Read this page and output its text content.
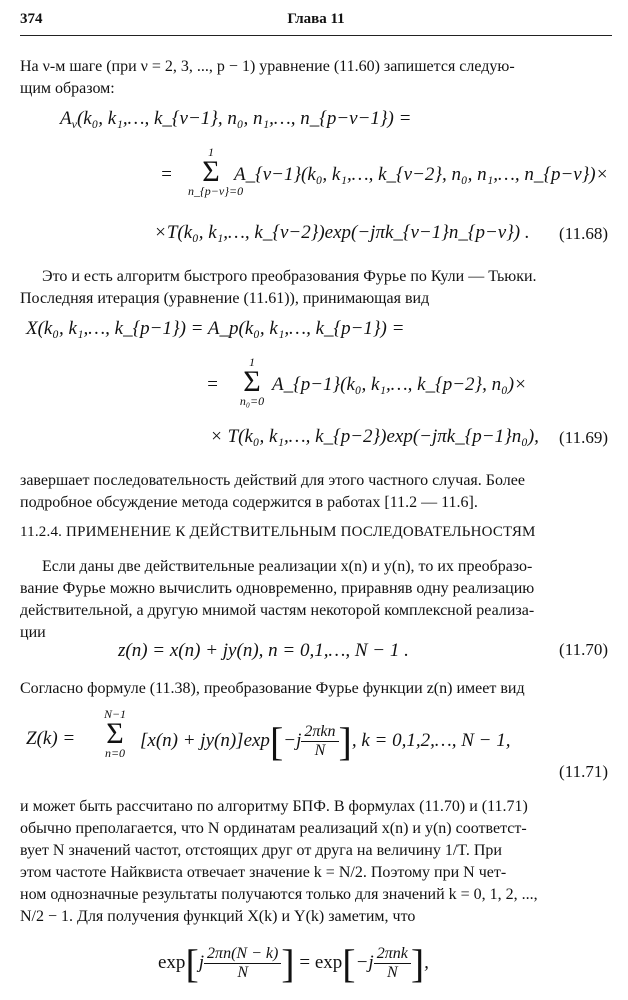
374	Глава 11
На ν-м шаге (при ν = 2, 3, ..., p − 1) уравнение (11.60) запишется следую-
щим образом:
$A_\nu(k_0$, k₁,…, k_{ν−1}, n₀, n₁,…, n_{p−ν−1}) =
=
1
Σ
n_{p−ν}=0
A_{ν−1}(k₀, k₁,…, k_{ν−2}, n₀, n₁,…, n_{p−ν})×
×T(k₀, k₁,…, k_{ν−2})exp(−jπk_{ν−1}n_{p−ν}) . (11.68)
Это и есть алгоритм быстрого преобразования Фурье по Кули — Тьюки.
Последняя итерация (уравнение (11.61)), принимающая вид
X(k₀, k₁,…, k_{p−1}) = A_p(k₀, k₁,…, k_{p−1}) =
=
1
Σ
n₀=0
A_{p−1}(k₀, k₁,…, k_{p−2}, n₀)×
× T(k₀, k₁,…, k_{p−2})exp(−jπk_{p−1}n₀), (11.69)
завершает последовательность действий для этого частного случая. Более
подробное обсуждение метода содержится в работах [11.2 — 11.6].
11.2.4. ПРИМЕНЕНИЕ К ДЕЙСТВИТЕЛЬНЫМ ПОСЛЕДОВАТЕЛЬНОСТЯМ
Если даны две действительные реализации x(n) и y(n), то их преобразо-
вание Фурье можно вычислить одновременно, приравняв одну реализацию
действительной, а другую мнимой частям некоторой комплексной реализа-
ции
z(n) = x(n) + jy(n), n = 0,1,…, N − 1 .	(11.70)
Согласно формуле (11.38), преобразование Фурье функции z(n) имеет вид
Z(k) =
N−1
Σ
n=0
$[x(n) + jy(n)]\exp[-j \frac{\text{2πkn}}{N}$ ], k = 0,1,2,…, N − 1,
(11.71)
и может быть рассчитано по алгоритму БПФ. В формулах (11.70) и (11.71)
обычно преполагается, что N ординатам реализаций x(n) и y(n) соответст-
вует N значений частот, отстоящих друг от друга на величину 1/T. При
этом частоте Найквиста отвечает значение k = N/2. Поэтому при N чет-
ном однозначные результаты получаются только для значений k = 0, 1, 2, ...,
N/2 − 1. Для получения функций X(k) и Y(k) заметим, что
$\exp[j \frac{2\pi n(N - k)}{N}$ ] = $\exp[-j \frac{\text{2πnk}}{N}$ ],
